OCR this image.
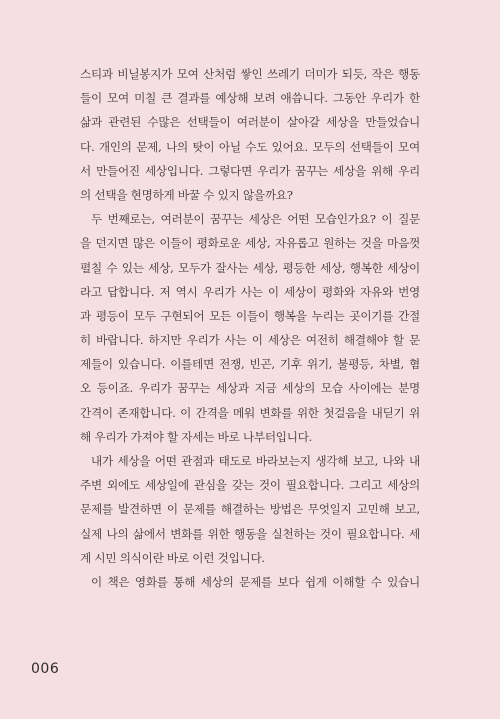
스티과 비닐봉지가 모여 산처럼 쌓인 쓰레기 더미가 되듯, 작은 행동
들이 모여 미칠 큰 결과를 예상해 보려 애씁니다. 그동안 우리가 한
삶과 관련된 수많은 선택들이 여러분이 살아갈 세상을 만들었습니
다. 개인의 문제, 나의 탓이 아닐 수도 있어요. 모두의 선택들이 모여
서 만들어진 세상입니다. 그렇다면 우리가 꿈꾸는 세상을 위해 우리
의 선택을 현명하게 바꿀 수 있지 않을까요?
두 번째로는, 여러분이 꿈꾸는 세상은 어떤 모습인가요? 이 질문
을 던지면 많은 이들이 평화로운 세상, 자유롭고 원하는 것을 마음껏
펼칠 수 있는 세상, 모두가 잘사는 세상, 평등한 세상, 행복한 세상이
라고 답합니다. 저 역시 우리가 사는 이 세상이 평화와 자유와 번영
과 평등이 모두 구현되어 모든 이들이 행복을 누리는 곳이기를 간절
히 바랍니다. 하지만 우리가 사는 이 세상은 여전히 해결해야 할 문
제들이 있습니다. 이를테면 전쟁, 빈곤, 기후 위기, 불평등, 차별, 혐
오 등이죠. 우리가 꿈꾸는 세상과 지금 세상의 모습 사이에는 분명
간격이 존재합니다. 이 간격을 메워 변화를 위한 첫걸음을 내딛기 위
해 우리가 가져야 할 자세는 바로 나부터입니다.
내가 세상을 어떤 관점과 태도로 바라보는지 생각해 보고, 나와 내
주변 외에도 세상일에 관심을 갖는 것이 필요합니다. 그리고 세상의
문제를 발견하면 이 문제를 해결하는 방법은 무엇일지 고민해 보고,
실제 나의 삶에서 변화를 위한 행동을 실천하는 것이 필요합니다. 세
계 시민 의식이란 바로 이런 것입니다.
이 책은 영화를 통해 세상의 문제를 보다 쉽게 이해할 수 있습니
006
